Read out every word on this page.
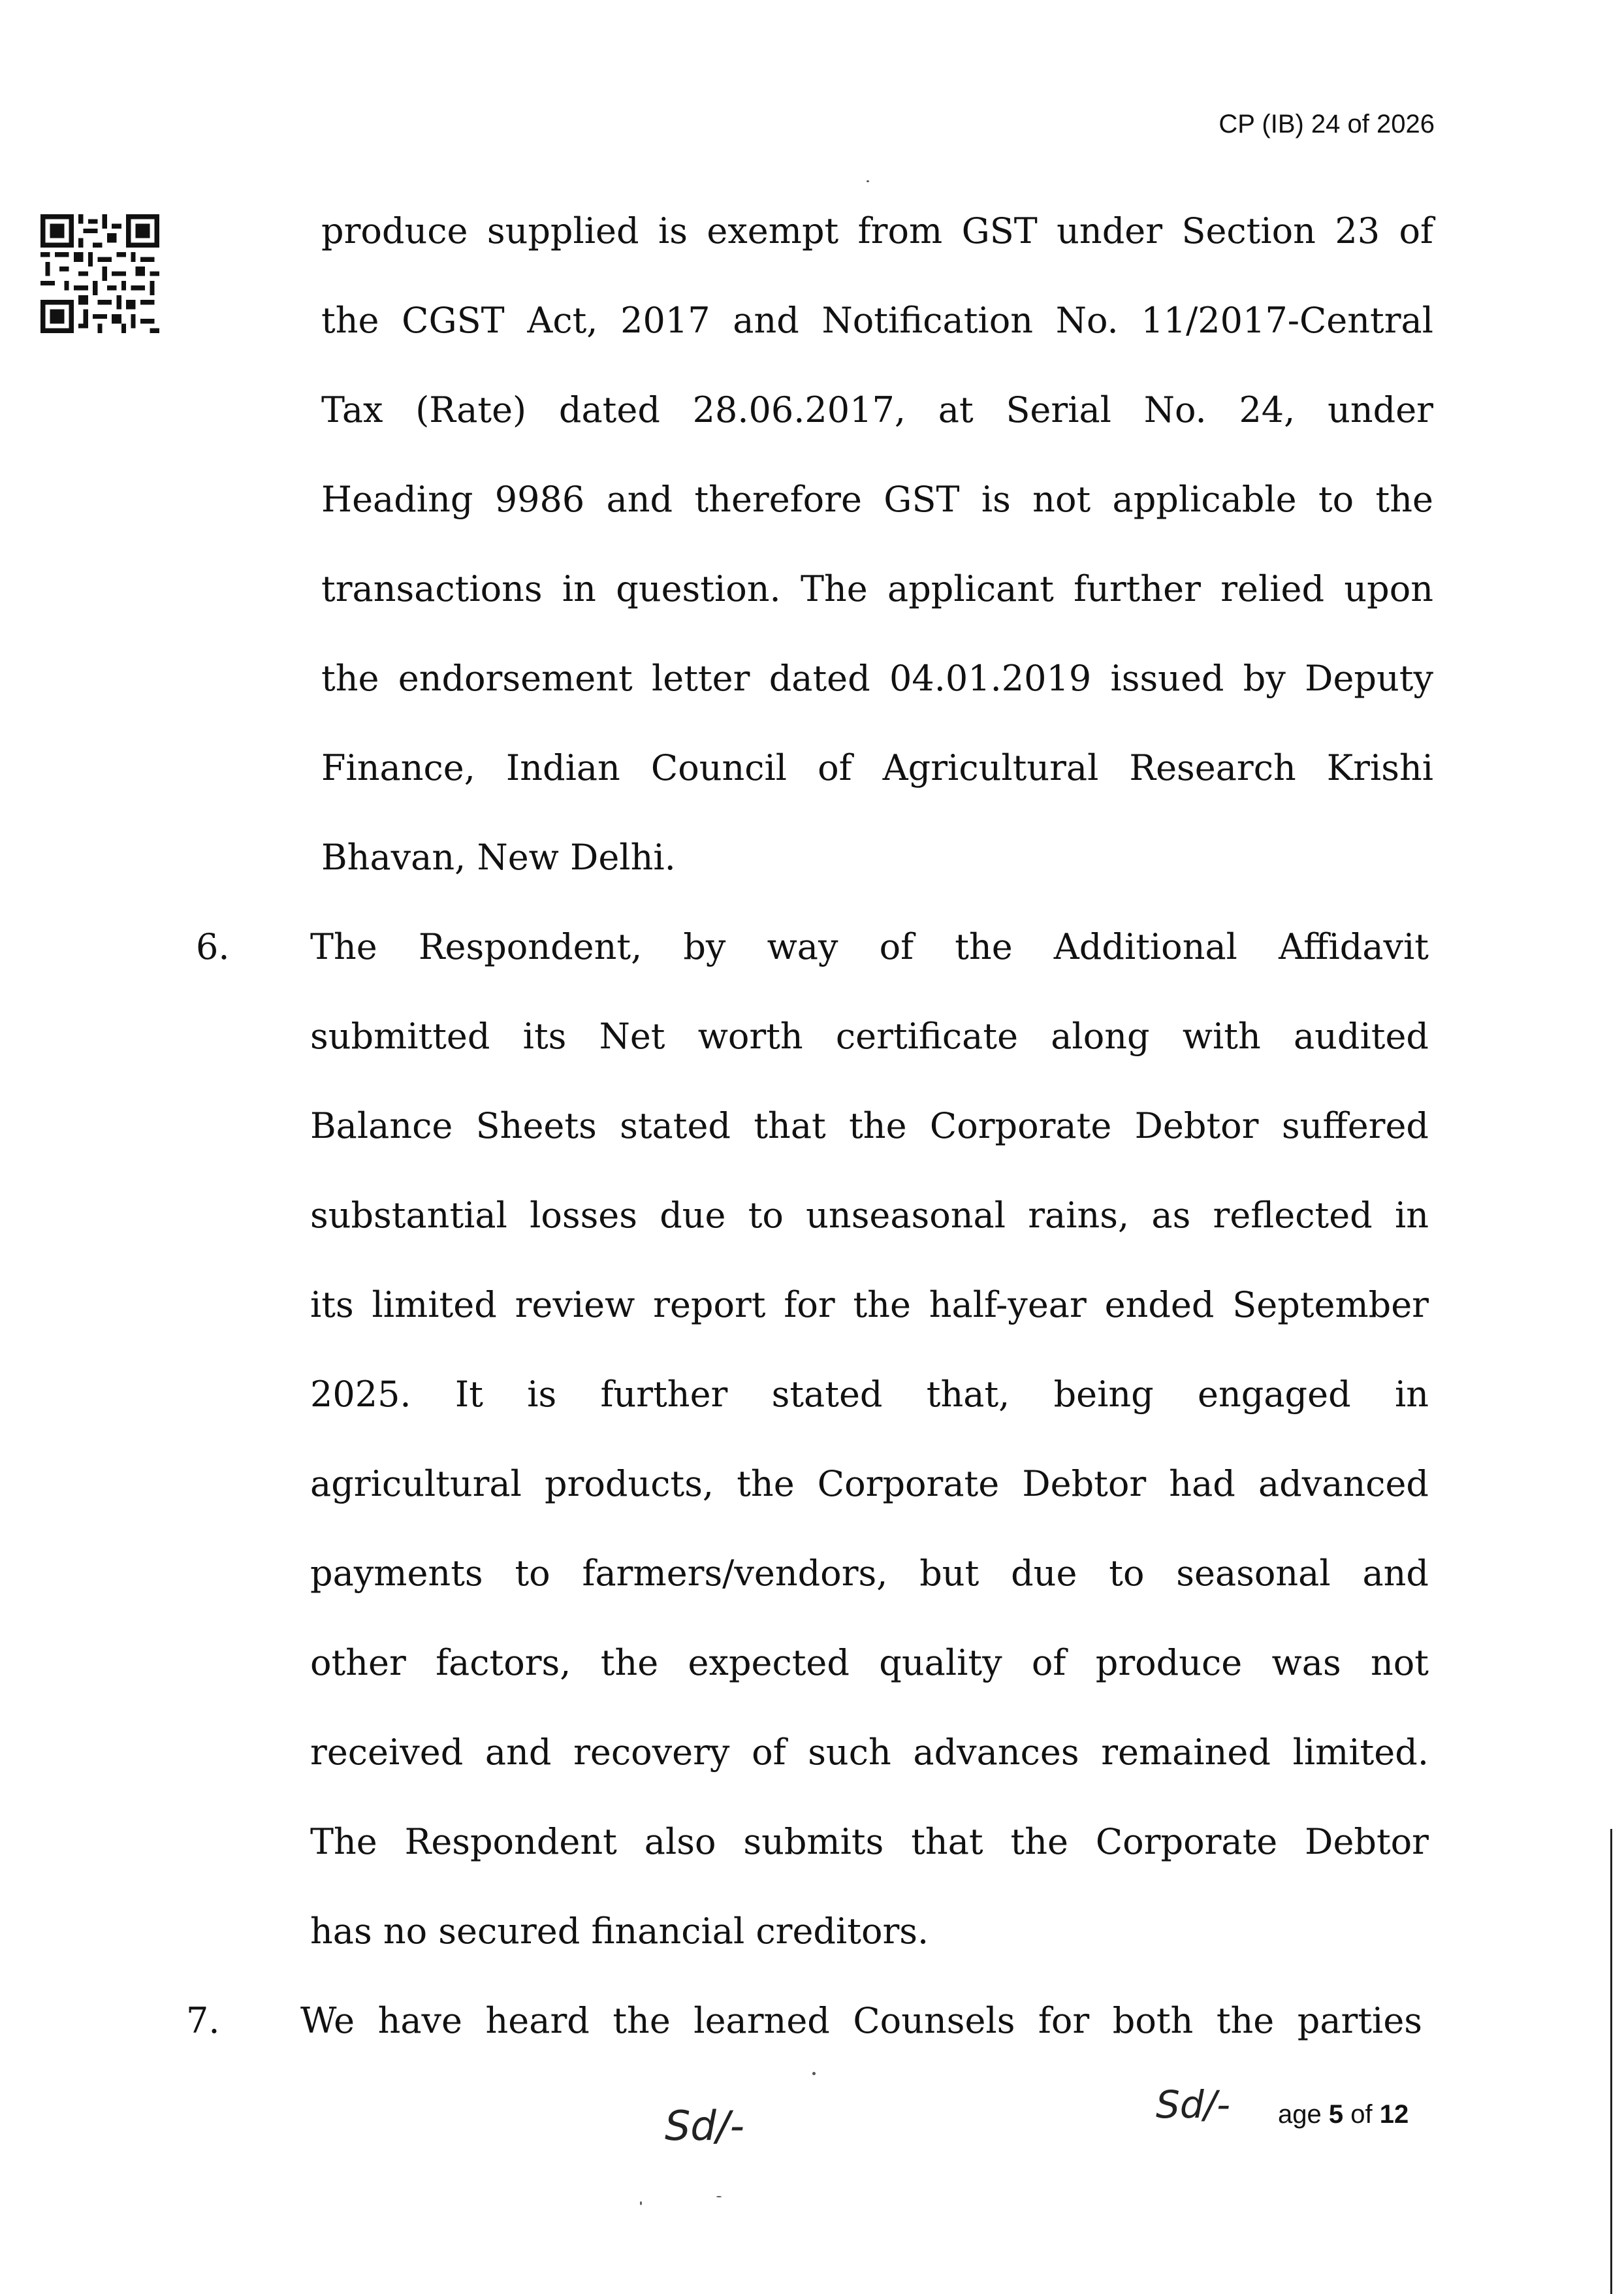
CP (IB) 24 of 2026
produce supplied is exempt from GST under Section 23 of
the CGST Act, 2017 and Notification No. 11/2017-Central
Tax (Rate) dated 28.06.2017, at Serial No. 24, under
Heading 9986 and therefore GST is not applicable to the
transactions in question. The applicant further relied upon
the endorsement letter dated 04.01.2019 issued by Deputy
Finance, Indian Council of Agricultural Research Krishi
Bhavan, New Delhi.
6. The Respondent, by way of the Additional Affidavit
submitted its Net worth certificate along with audited
Balance Sheets stated that the Corporate Debtor suffered
substantial losses due to unseasonal rains, as reflected in
its limited review report for the half-year ended September
2025. It is further stated that, being engaged in
agricultural products, the Corporate Debtor had advanced
payments to farmers/vendors, but due to seasonal and
other factors, the expected quality of produce was not
received and recovery of such advances remained limited.
The Respondent also submits that the Corporate Debtor
has no secured financial creditors.
7. We have heard the learned Counsels for both the parties
Sd/-	Sd/- age 5 of 12
